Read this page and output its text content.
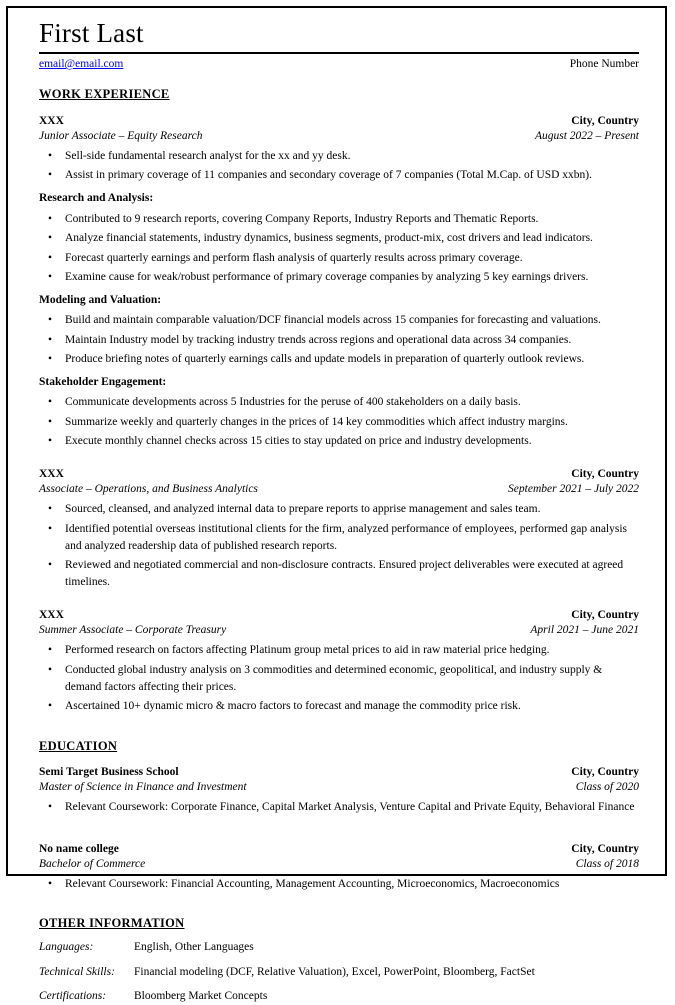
First Last
email@email.com	Phone Number
WORK EXPERIENCE
XXX	City, Country
Junior Associate – Equity Research	August 2022 – Present
• Sell-side fundamental research analyst for the xx and yy desk.
• Assist in primary coverage of 11 companies and secondary coverage of 7 companies (Total M.Cap. of USD xxbn).
Research and Analysis:
• Contributed to 9 research reports, covering Company Reports, Industry Reports and Thematic Reports.
• Analyze financial statements, industry dynamics, business segments, product-mix, cost drivers and lead indicators.
• Forecast quarterly earnings and perform flash analysis of quarterly results across primary coverage.
• Examine cause for weak/robust performance of primary coverage companies by analyzing 5 key earnings drivers.
Modeling and Valuation:
• Build and maintain comparable valuation/DCF financial models across 15 companies for forecasting and valuations.
• Maintain Industry model by tracking industry trends across regions and operational data across 34 companies.
• Produce briefing notes of quarterly earnings calls and update models in preparation of quarterly outlook reviews.
Stakeholder Engagement:
• Communicate developments across 5 Industries for the peruse of 400 stakeholders on a daily basis.
• Summarize weekly and quarterly changes in the prices of 14 key commodities which affect industry margins.
• Execute monthly channel checks across 15 cities to stay updated on price and industry developments.
XXX	City, Country
Associate – Operations, and Business Analytics	September 2021 – July 2022
• Sourced, cleansed, and analyzed internal data to prepare reports to apprise management and sales team.
• Identified potential overseas institutional clients for the firm, analyzed performance of employees, performed gap analysis and analyzed readership data of published research reports.
• Reviewed and negotiated commercial and non-disclosure contracts. Ensured project deliverables were executed at agreed timelines.
XXX	City, Country
Summer Associate – Corporate Treasury	April 2021 – June 2021
• Performed research on factors affecting Platinum group metal prices to aid in raw material price hedging.
• Conducted global industry analysis on 3 commodities and determined economic, geopolitical, and industry supply & demand factors affecting their prices.
• Ascertained 10+ dynamic micro & macro factors to forecast and manage the commodity price risk.
EDUCATION
Semi Target Business School	City, Country
Master of Science in Finance and Investment	Class of 2020
• Relevant Coursework: Corporate Finance, Capital Market Analysis, Venture Capital and Private Equity, Behavioral Finance
No name college	City, Country
Bachelor of Commerce	Class of 2018
• Relevant Coursework: Financial Accounting, Management Accounting, Microeconomics, Macroeconomics
OTHER INFORMATION
Languages:	English, Other Languages
Technical Skills:	Financial modeling (DCF, Relative Valuation), Excel, PowerPoint, Bloomberg, FactSet
Certifications:	Bloomberg Market Concepts
